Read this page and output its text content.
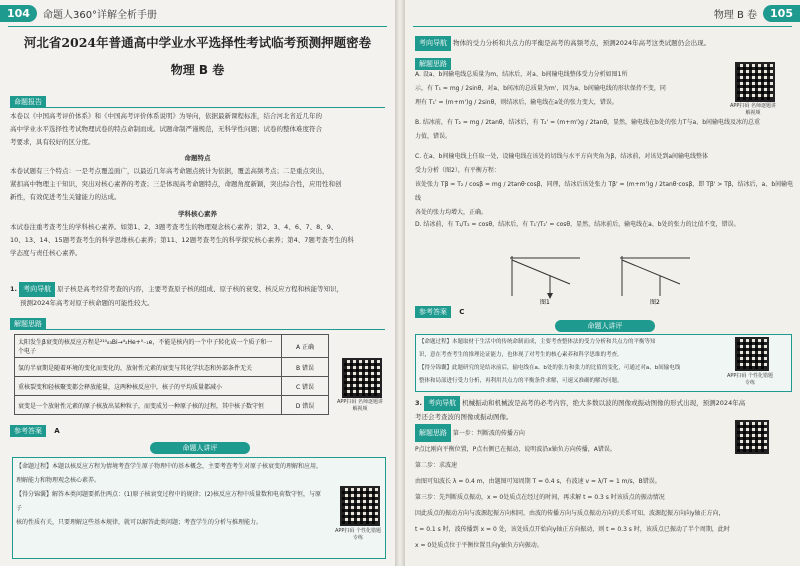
104	命题人360°详解全析手册
河北省2024年普通高中学业水平选择性考试临考预测押题密卷
物理 B 卷
命题报告
本卷以《中国高考评价体系》和《中国高考评价体系说明》为导向，依据最新课程标准，结合河北省近几年的
高中学业水平选择性考试物理试卷的特点命制而成。试题命制严谨规范，无科学性问题；试卷的整体难度符合
考要求，具有较好的区分度。
命题特点
本卷试题有三个特点：一是考点覆盖面广，以最近几年高考命题点统计为依据，覆盖高频考点；二是重点突出，
紧扣高中物理主干知识，突出对核心素养的考查；三是体现高考命题特点，命题角度新颖，突出综合性，应用性和创
新性，有效促进考生关键能力的达成。
学科核心素养
本试卷注重考查考生的学科核心素养。如第1、2、3题考查考生的物理观念核心素养；第2、3、4、6、7、8、9、
10、13、14、15题考查考生的科学思维核心素养；第11、12题考查考生的科学探究核心素养；第4、7题考查考生的科
学态度与责任核心素养。
1. 考向导航 原子核是高考经常考查的内容，主要考查原子核的组成、原子核的衰变、核反应方程和核能等知识，
预测2024年高考对原子核命题的可能性较大。
解题思路
太阳发生β衰变的核反应方程是²¹⁰₈₃Bi→⁴₂He+⁰₋₁e，不能是核内的一个中子转化成一个质子和一个电子	A 正确
氢的半衰期是随着环境的变化而变化的，放射性元素的衰变与其化学状态和外部条件无关	B 错误
重核裂变和轻核聚变都会释放能量，这两种核反应中，核子的平均质量都减小	C 错误
衰变是一个放射性元素的原子核放出某种粒子，而变成另一种原子核的过程，其中核子数守恒	D 错误
APP扫码 名师逐题讲解视频
参考答案 A
命题人讲评
【命题过程】本题以核反应方程为情境考查学生原子物理中的基本概念，主要考查考生对原子核衰变的理解和应用，
理解能力和物理观念核心素养。
【得分锦囊】解答本类问题要抓住两点：(1)原子核衰变过程中的规律；(2)核反应方程中质量数和电荷数守恒，与原子
核的性质有关，只要理解这些基本规律，就可以解答此类问题；考查学生的分析与推理能力。
APP扫码 个性化错题专练
物理 B 卷	105
考向导航 物体的受力分析和共点力的平衡是高考的高频考点，预测2024年高考这类试题仍会出现。
解题思路
A. 设a、b间输电线总质量为m，结冰后，对a、b间输电线整体受力分析如图1所
示，有 T₁ = mg / 2sinθ，对a、b间冰的总质量为m'，因为a、b间输电线的形状保持不变，同
理有 T₁' = (m+m')g / 2sinθ，则结冰后，输电线在a处的张力变大，错误。	APP扫码 名师逐题讲解视频
B. 结冰前，有 T₂ = mg / 2tanθ，结冰后，有 T₂' = (m+m')g / 2tanθ，显然，输电线在b处的张力T与a、b间输电线及冰的总重
力值，错误。
C. 在a、b间输电线上任取一处，设输电线在该处的切线与水平方向夹角为β，结冰前，对该处到a间输电线整体
受力分析（图2），有平衡方程：
该处张力 Tβ = T₂ / cosβ = mg / 2tanθ·cosβ，同理，结冰后该处张力 Tβ' = (m+m')g / 2tanθ·cosβ，即 Tβ' > Tβ，结冰后，a、b间输电线
各处的张力均增大，正确。
D. 结冰前，有 T₁/T₂ = cosθ，结冰后，有 T₁'/T₂' = cosθ，显然，结冰前后，输电线在a、b处的张力的比值不变，错误。
图1	图2
参考答案 C
命题人讲评
【命题过程】本题取材于生活中的传统命制而成，主要考查整体法的受力分析和共点力的平衡等知
识，意在考查考生的推理论证能力，也体现了对考生的核心素养和科学思维的考查。
【得分锦囊】此题研究的是结冰前后，输电线在a、b处的张力和张力的比值的变化，可通过对a、b间输电线
整体和局部进行受力分析，再利用共点力的平衡条件求解，可速又准确的解决问题。
APP扫码 个性化错题专练
3. 考向导航 机械振动和机械波是高考的必考内容，绝大多数以波的图像或振动图像的形式出现，预测2024年高
考还会考查波的图像或振动图像。
解题思路 第一步：判断波的传播方向
P点比刚向平衡位置，P点右侧已在振动，说明波沿x轴负方向传播，A错误。
第二步：求波速
由图可知波长 λ = 0.4 m，由题图可知周期 T = 0.4 s，有波速 v = λ/T = 1 m/s，B错误。
第三步：先判断质点振动，x = 0处质点在经过的时间，再求解 t = 0.3 s 时该质点的振动情况
因此质点的振动方向与波源起振方向相同，由波的传播方向与质点振动方向的关系可知，波源起振方向向y轴正方向，
t = 0.1 s 时，波传播到 x = 0 处，该处质点开始向y轴正方向振动，则 t = 0.3 s 时，该质点已振动了半个周期，此时
x = 0处质点位于平衡位置且向y轴负方向振动。
